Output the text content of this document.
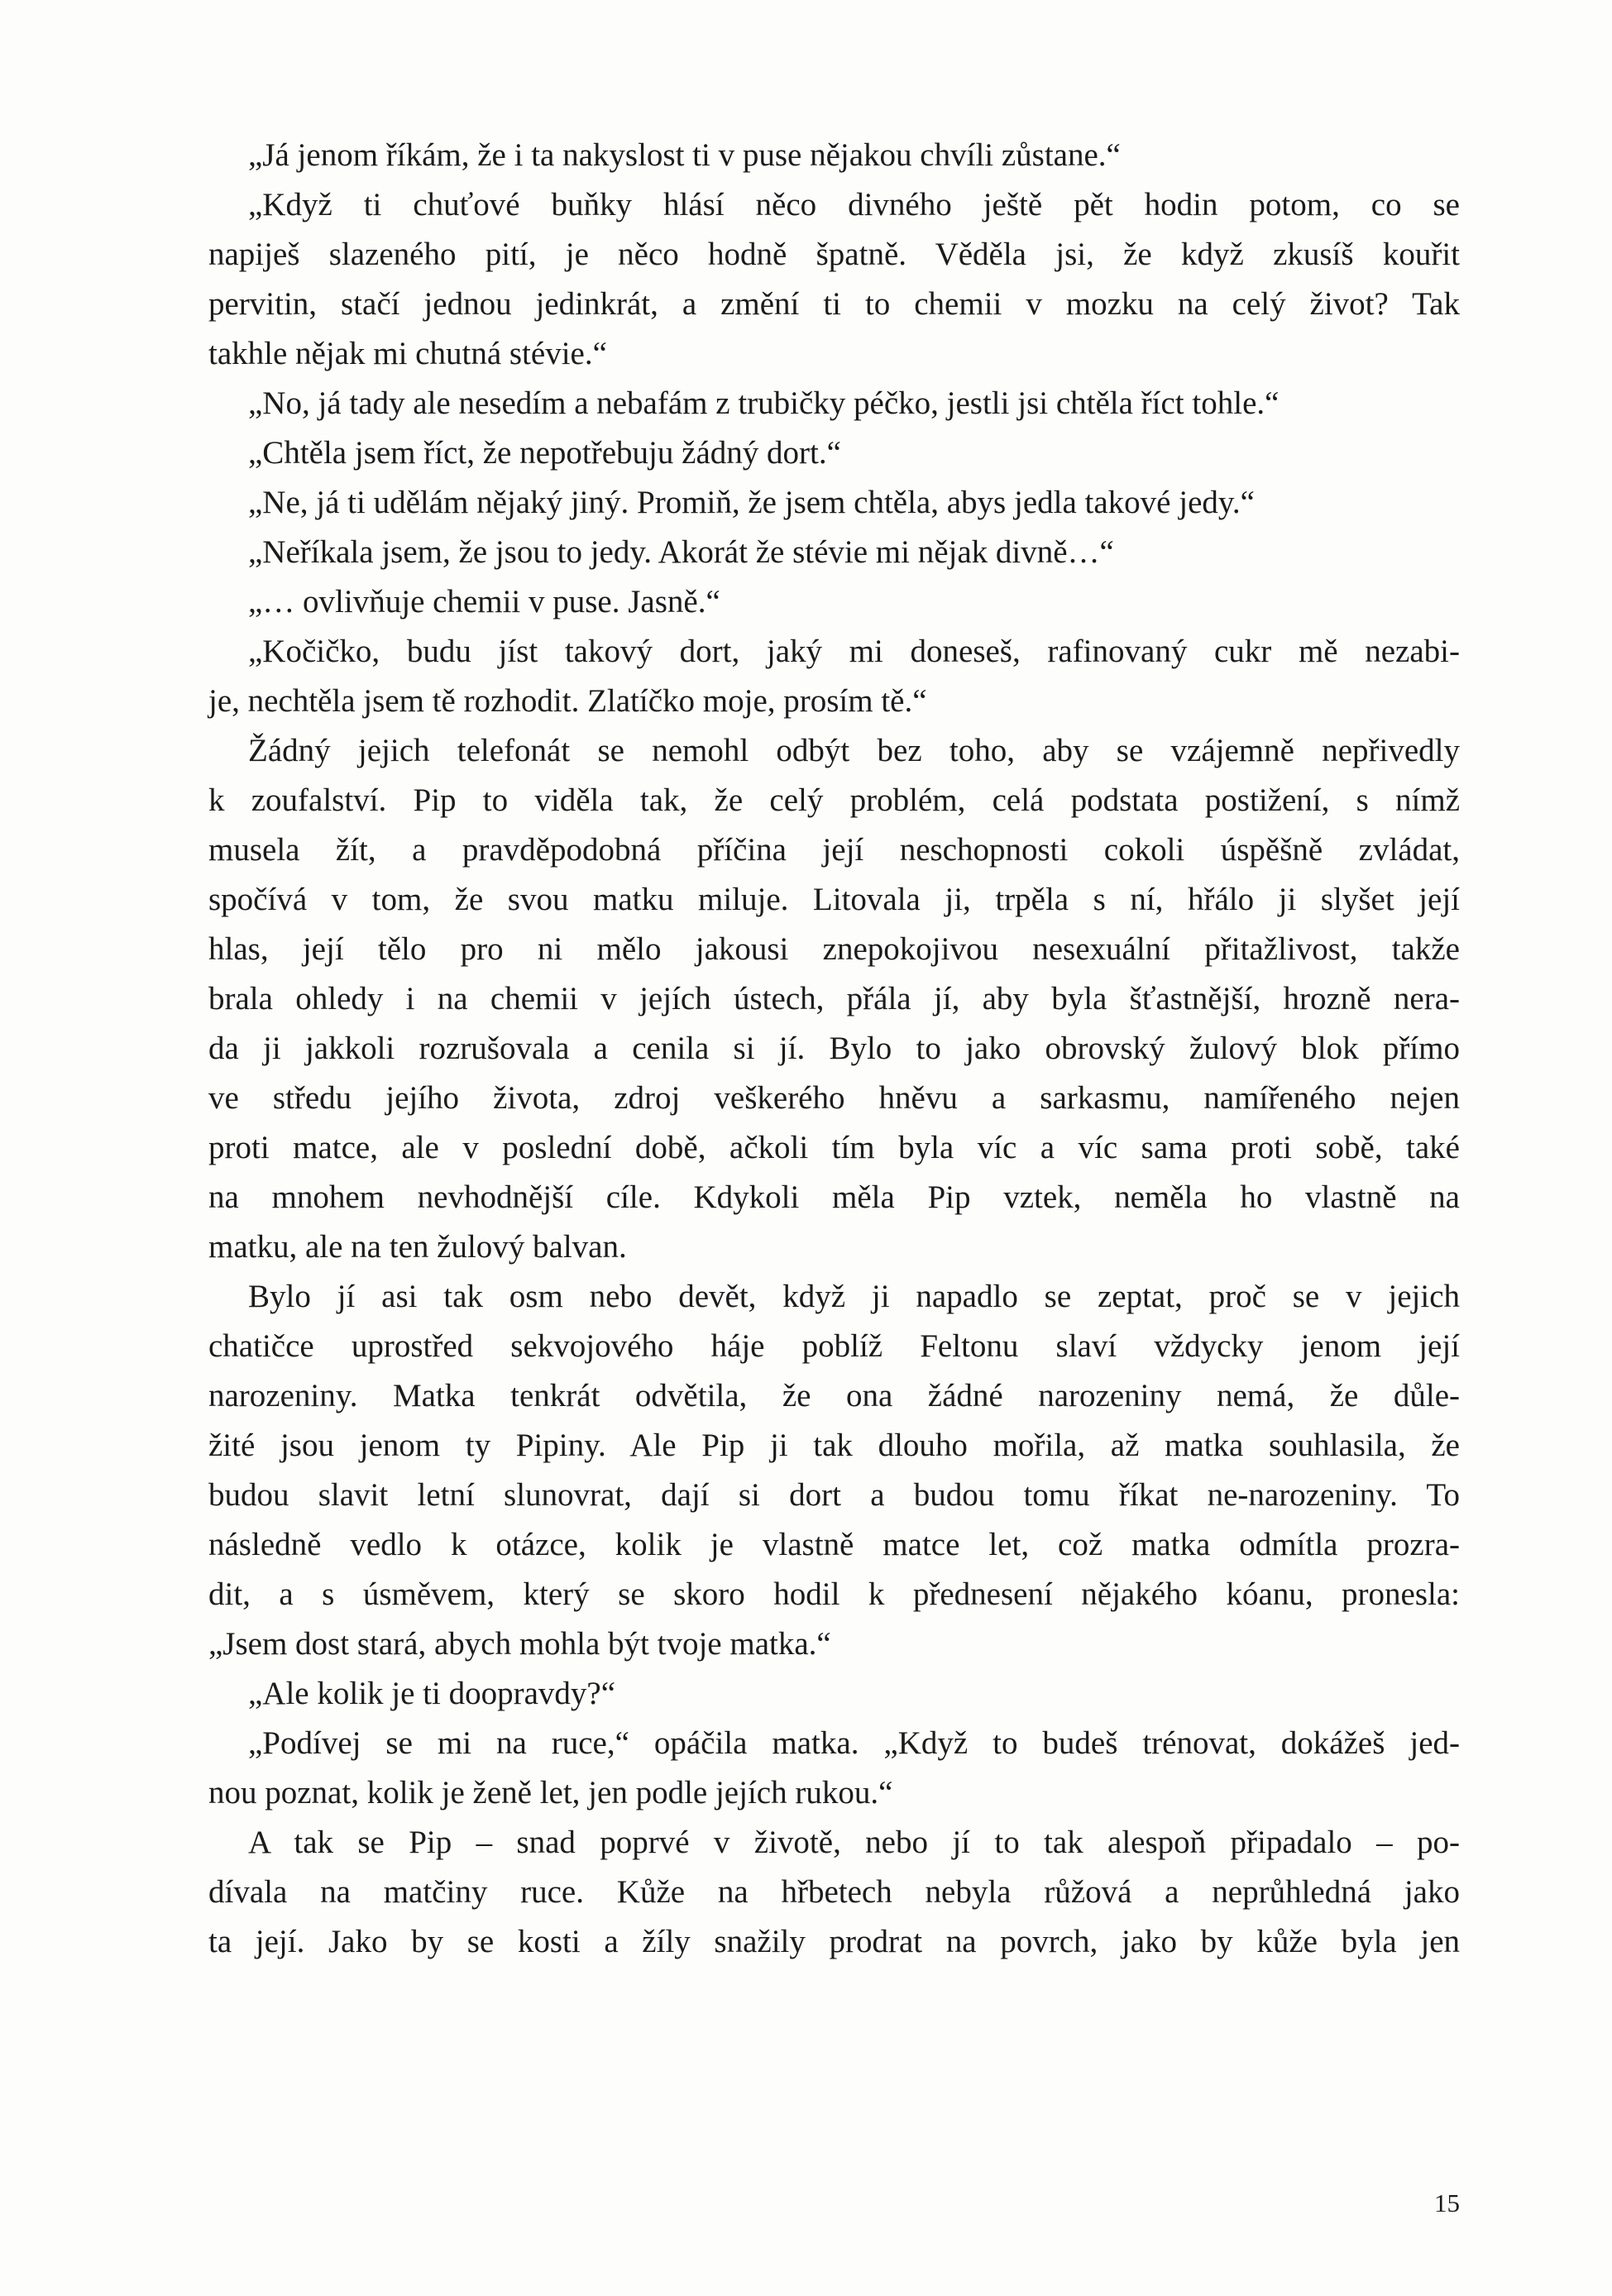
„Já jenom říkám, že i ta nakyslost ti v puse nějakou chvíli zůstane.“
„Když ti chuťové buňky hlásí něco divného ještě pět hodin potom, co se
napiješ slazeného pití, je něco hodně špatně. Věděla jsi, že když zkusíš kouřit
pervitin, stačí jednou jedinkrát, a změní ti to chemii v mozku na celý život? Tak
takhle nějak mi chutná stévie.“
„No, já tady ale nesedím a nebafám z trubičky péčko, jestli jsi chtěla říct tohle.“
„Chtěla jsem říct, že nepotřebuju žádný dort.“
„Ne, já ti udělám nějaký jiný. Promiň, že jsem chtěla, abys jedla takové jedy.“
„Neříkala jsem, že jsou to jedy. Akorát že stévie mi nějak divně…“
„… ovlivňuje chemii v puse. Jasně.“
„Kočičko, budu jíst takový dort, jaký mi doneseš, rafinovaný cukr mě nezabi-
je, nechtěla jsem tě rozhodit. Zlatíčko moje, prosím tě.“
Žádný jejich telefonát se nemohl odbýt bez toho, aby se vzájemně nepřivedly
k zoufalství. Pip to viděla tak, že celý problém, celá podstata postižení, s nímž
musela žít, a pravděpodobná příčina její neschopnosti cokoli úspěšně zvládat,
spočívá v tom, že svou matku miluje. Litovala ji, trpěla s ní, hřálo ji slyšet její
hlas, její tělo pro ni mělo jakousi znepokojivou nesexuální přitažlivost, takže
brala ohledy i na chemii v jejích ústech, přála jí, aby byla šťastnější, hrozně nera-
da ji jakkoli rozrušovala a cenila si jí. Bylo to jako obrovský žulový blok přímo
ve středu jejího života, zdroj veškerého hněvu a sarkasmu, namířeného nejen
proti matce, ale v poslední době, ačkoli tím byla víc a víc sama proti sobě, také
na mnohem nevhodnější cíle. Kdykoli měla Pip vztek, neměla ho vlastně na
matku, ale na ten žulový balvan.
Bylo jí asi tak osm nebo devět, když ji napadlo se zeptat, proč se v jejich
chatičce uprostřed sekvojového háje poblíž Feltonu slaví vždycky jenom její
narozeniny. Matka tenkrát odvětila, že ona žádné narozeniny nemá, že důle-
žité jsou jenom ty Pipiny. Ale Pip ji tak dlouho mořila, až matka souhlasila, že
budou slavit letní slunovrat, dají si dort a budou tomu říkat ne-narozeniny. To
následně vedlo k otázce, kolik je vlastně matce let, což matka odmítla prozra-
dit, a s úsměvem, který se skoro hodil k přednesení nějakého kóanu, pronesla:
„Jsem dost stará, abych mohla být tvoje matka.“
„Ale kolik je ti doopravdy?“
„Podívej se mi na ruce,“ opáčila matka. „Když to budeš trénovat, dokážeš jed-
nou poznat, kolik je ženě let, jen podle jejích rukou.“
A tak se Pip – snad poprvé v životě, nebo jí to tak alespoň připadalo – po-
dívala na matčiny ruce. Kůže na hřbetech nebyla růžová a neprůhledná jako
ta její. Jako by se kosti a žíly snažily prodrat na povrch, jako by kůže byla jen
15
